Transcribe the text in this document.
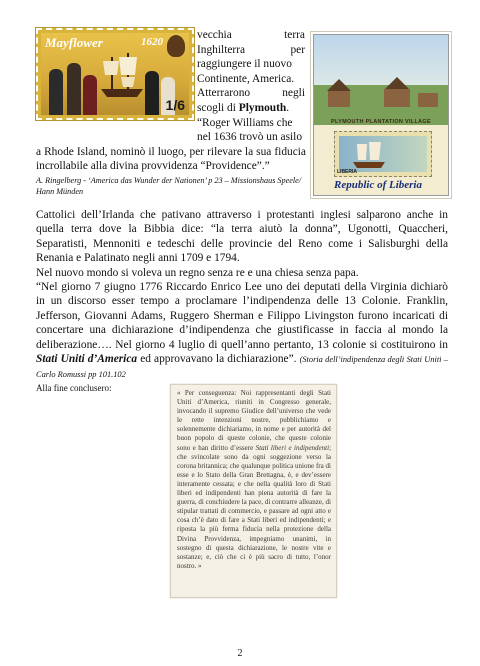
Mayflower	1620
1/6
PLYMOUTH PLANTATION VILLAGE
LIBERIA
Republic of Liberia
vecchia	terra
Inghilterra	per
raggiungere il nuovo
Continente, America.
Atterrarono	negli
scogli di Plymouth.
“Roger Williams che
nel 1636 trovò un asilo
a Rhode Island, nominò il luogo, per rilevare la sua fiducia incrollabile alla divina provvidenza “Providence”.”
A. Ringelberg - ‘America das Wunder der Nationen’ p 23 – Missionshaus Speele/ Hann Münden

Cattolici dell’Irlanda che pativano attraverso i protestanti inglesi salparono anche in quella terra dove la Bibbia dice: “la terra aiutò la donna”, Ugonotti, Quaccheri, Separatisti, Mennoniti e tedeschi delle provincie del Reno come i Salisburghi della Renania e Palatinato negli anni 1709 e 1794.

Nel nuovo mondo si voleva un regno senza re e una chiesa senza papa.

“Nel giorno 7 giugno 1776 Riccardo Enrico Lee uno dei deputati della Virginia dichiarò in un discorso esser tempo a proclamare l’indipendenza delle 13 Colonie. Franklin, Jefferson, Giovanni Adams, Ruggero Sherman e Filippo Livingston furono incaricati di concertare una dichiarazione d’indipendenza che giustificasse in faccia al mondo la deliberazione…. Nel giorno 4 luglio di quell’anno pertanto, 13 colonie si costituirono in Stati Uniti d’America ed approvavano la dichiarazione”. (Storia dell’indipendenza degli Stati Uniti – Carlo Romussi pp 101.102

Alla fine conclusero:

« Per conseguenza: Noi rappresentanti degli Stati Uniti d’America, riuniti in Congresso generale, invocando il supremo Giudice dell’universo che vede le rette intenzioni nostre, pubblichiamo e solennemente dichiariamo, in nome e per autorità del buon popolo di queste colonie, che queste colonie sono e han diritto d’essere Stati liberi e indipendenti; che svincolate sono da ogni soggezione verso la corona britannica; che qualunque politica unione fra di esse e lo Stato della Gran Brettagna, è, e dev’essere interamente cessata; e che nella qualità loro di Stati liberi ed indipendenti han piena autorità di fare la guerra, di conchiudere la pace, di contrarre alleanze, di stipular trattati di commercio, e passare ad ogni atto e cosa ch’è dato di fare a Stati liberi ed indipendenti; e riposta la più ferma fiducia nella protezione della Divina Provvidenza, impegniamo unanimi, in sostegno di questa dichiarazione, le nostre vite e sostanze; e, ciò che ci è più sacro di tutto, l’onor nostro. »
2
